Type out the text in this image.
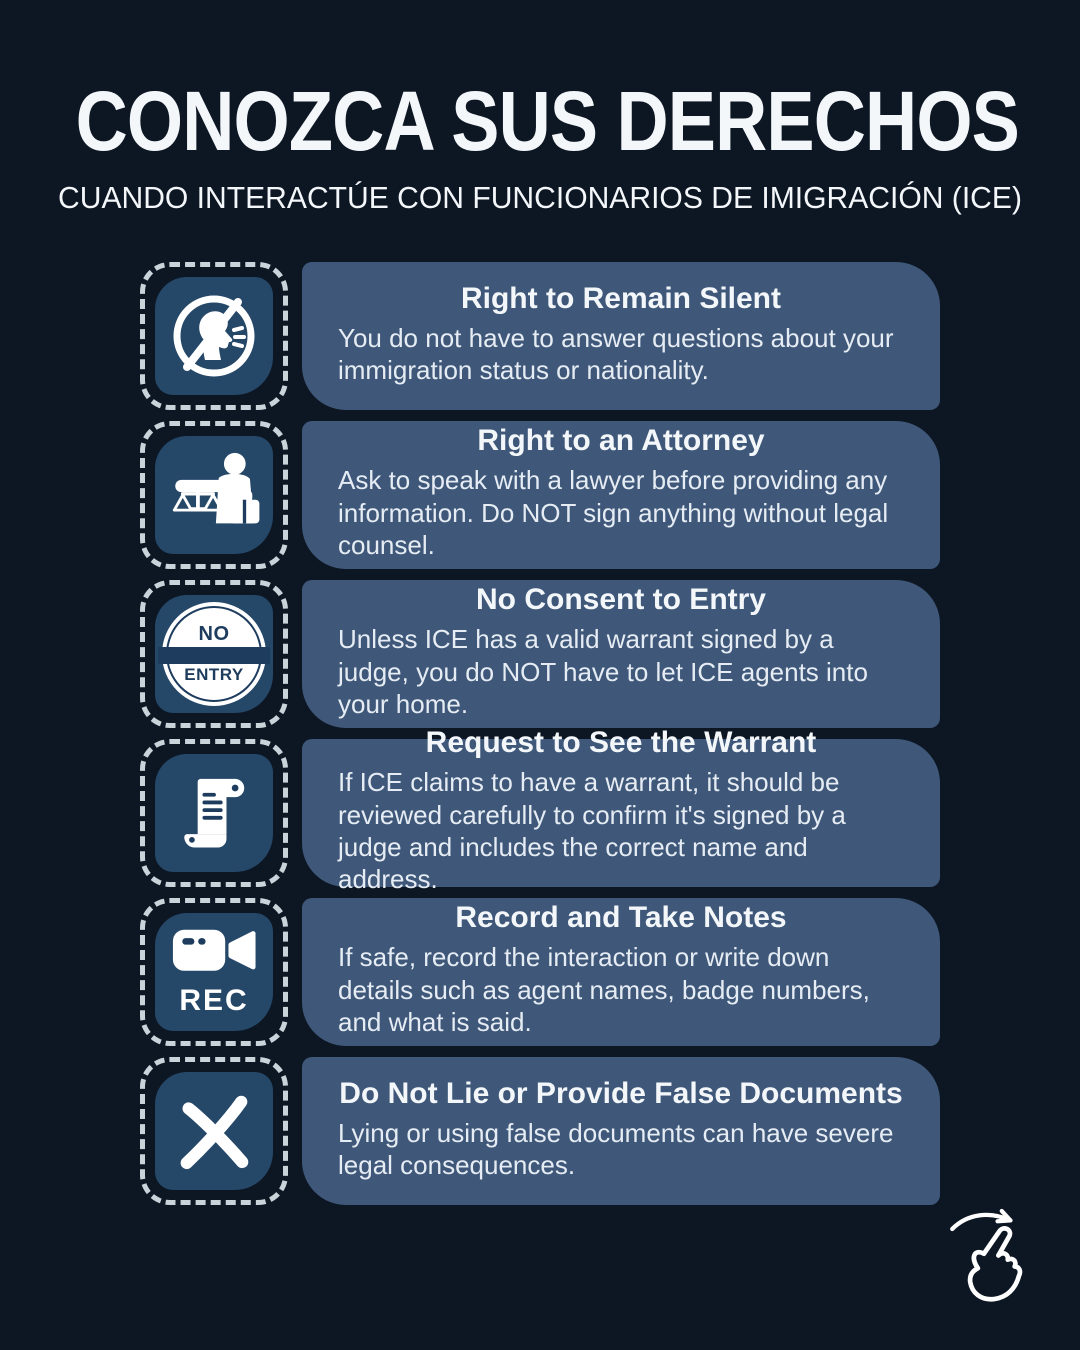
CONOZCA SUS DERECHOS
CUANDO INTERACTÚE CON FUNCIONARIOS DE IMIGRACIÓN (ICE)
Right to Remain Silent
You do not have to answer questions about your immigration status or nationality.
Right to an Attorney
Ask to speak with a lawyer before providing any information. Do NOT sign anything without legal counsel.
NO
ENTRY
No Consent to Entry
Unless ICE has a valid warrant signed by a judge, you do NOT have to let ICE agents into your home.
Request to See the Warrant
If ICE claims to have a warrant, it should be reviewed carefully to confirm it's signed by a judge and includes the correct name and address.
REC
Record and Take Notes
If safe, record the interaction or write down details such as agent names, badge numbers, and what is said.
Do Not Lie or Provide False Documents
Lying or using false documents can have severe legal consequences.
